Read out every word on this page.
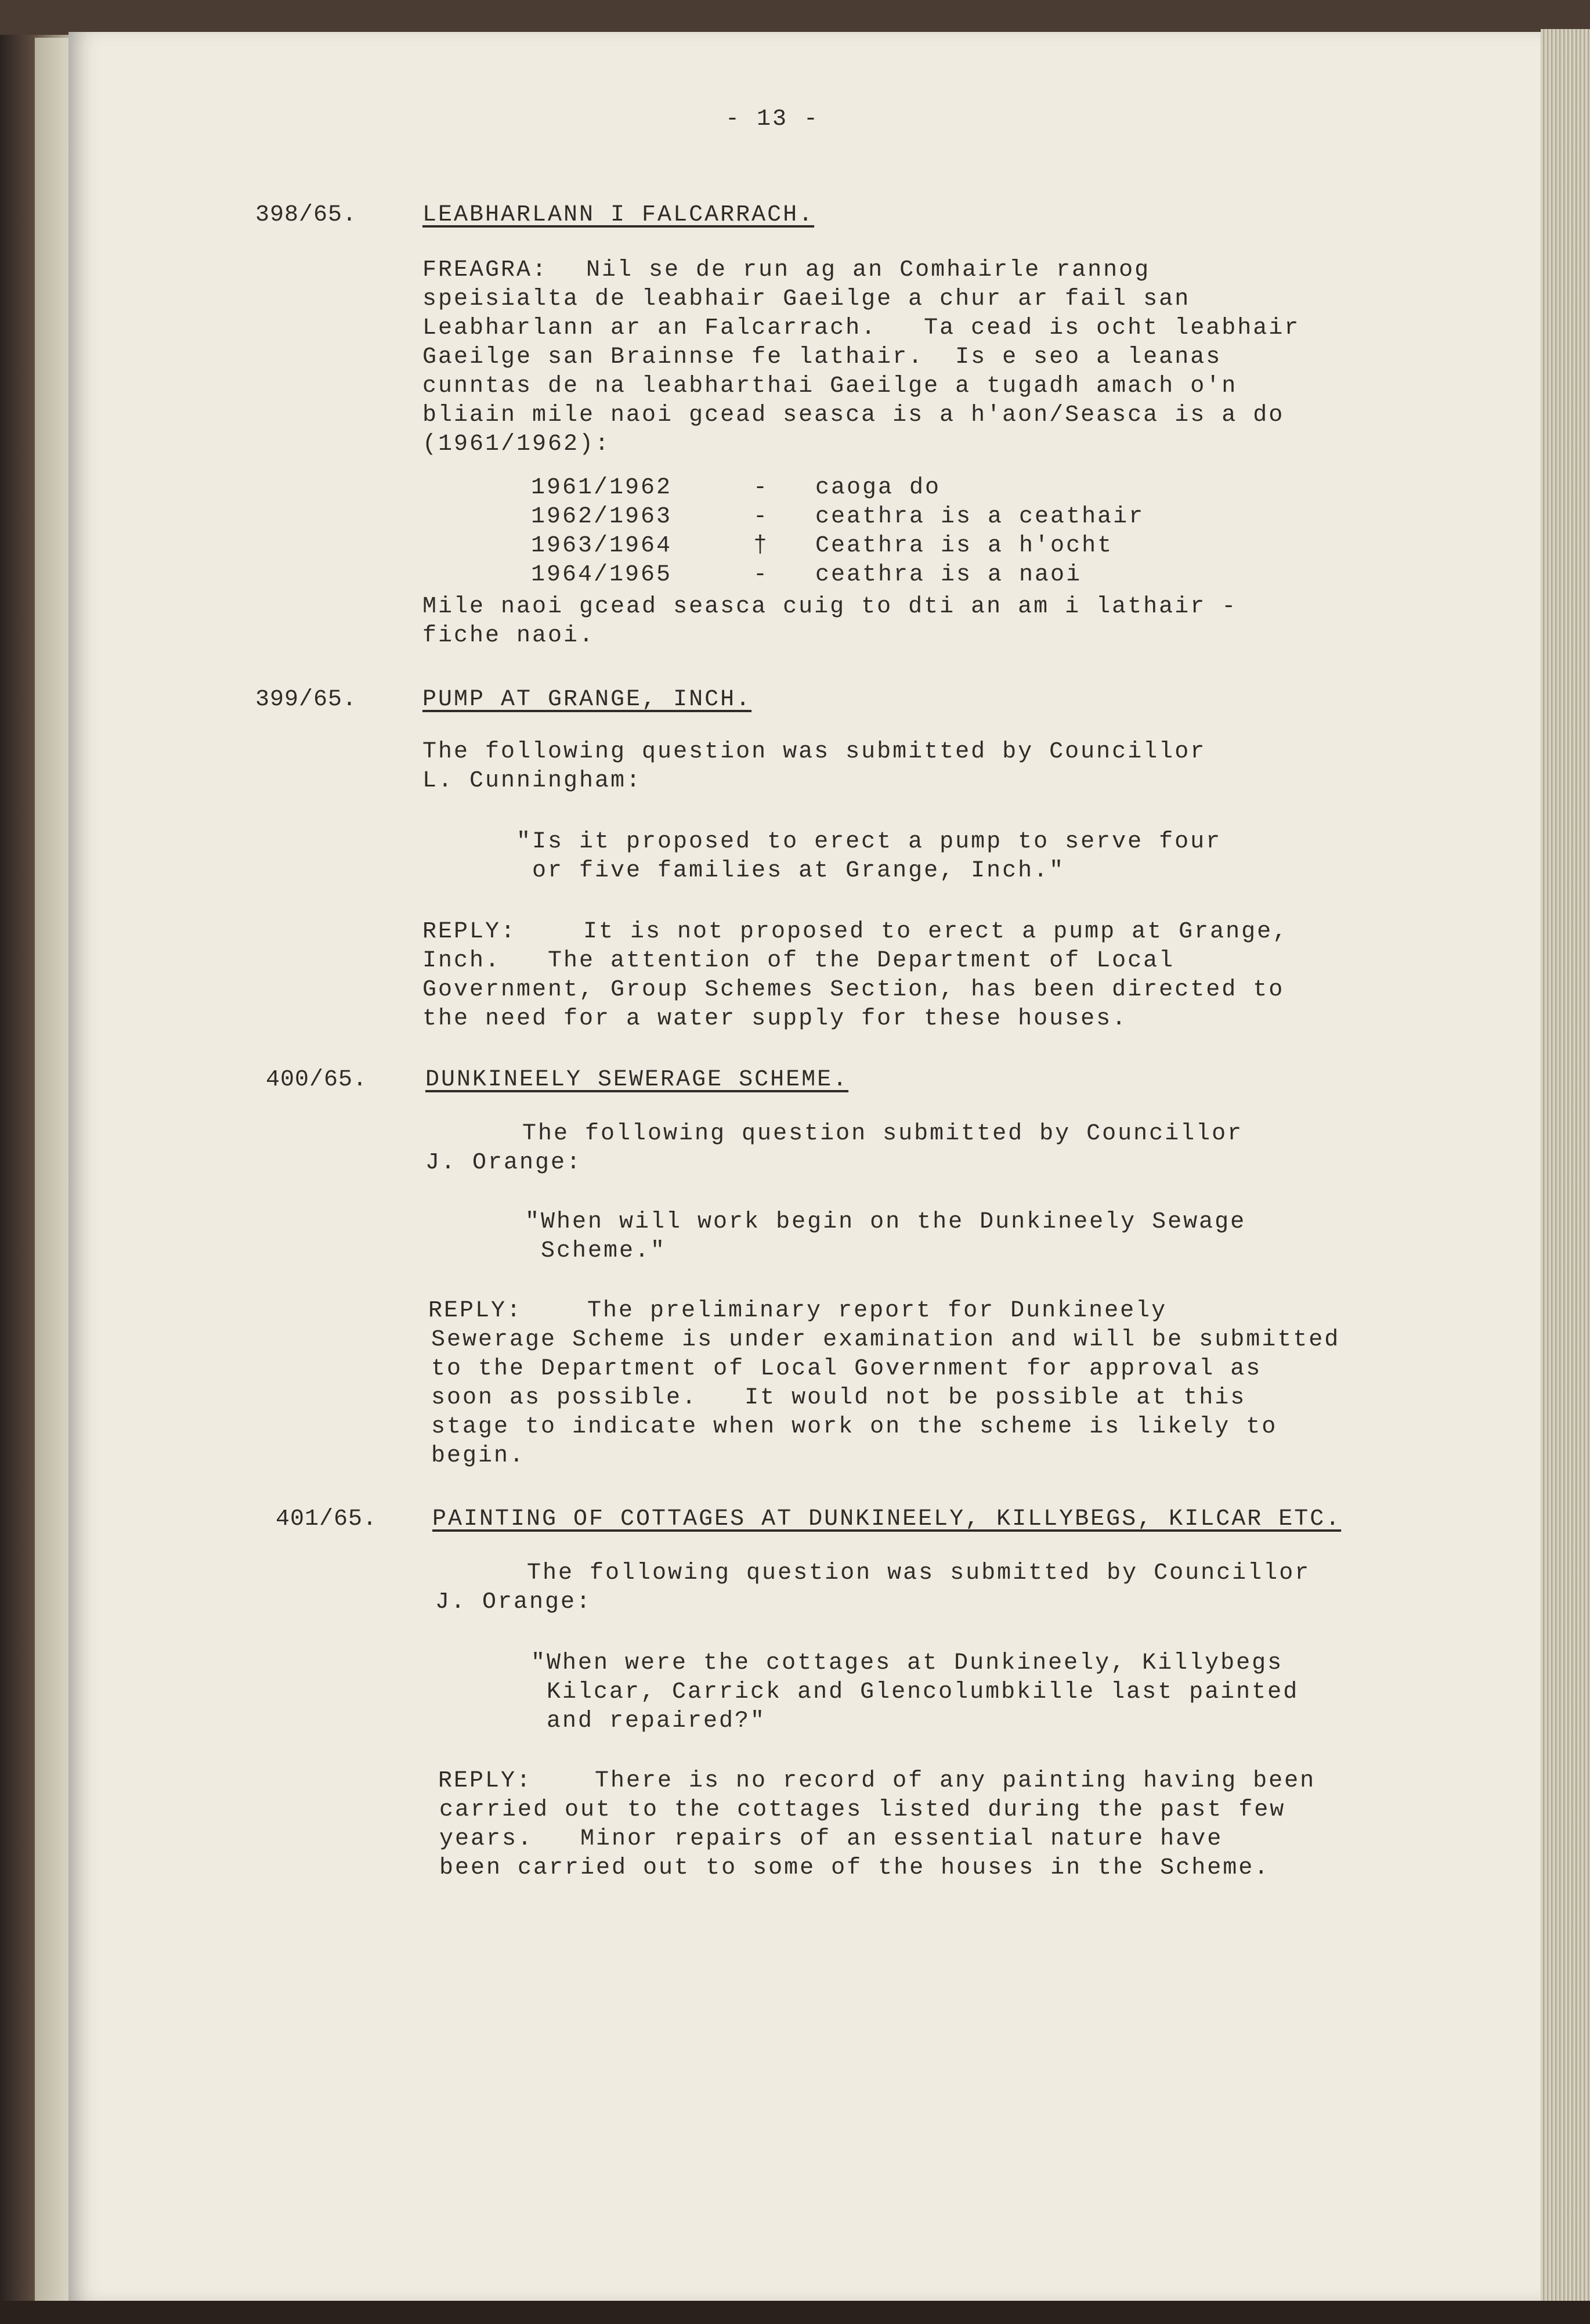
- 13 -
398/65.	LEABHARLANN I FALCARRACH.
FREAGRA: Nil se de run ag an Comhairle rannog
speisialta de leabhair Gaeilge a chur ar fail san
Leabharlann ar an Falcarrach.   Ta cead is ocht leabhair
Gaeilge san Brainnse fe lathair.  Is e seo a leanas
cunntas de na leabharthai Gaeilge a tugadh amach o'n
bliain mile naoi gcead seasca is a h'aon/Seasca is a do
(1961/1962):
1961/1962	- caoga do
1962/1963	- ceathra is a ceathair
1963/1964	† Ceathra is a h'ocht
1964/1965	- ceathra is a naoi
Mile naoi gcead seasca cuig to dti an am i lathair -
fiche naoi.
399/65.	PUMP AT GRANGE, INCH.
The following question was submitted by Councillor
L. Cunningham:
"Is it proposed to erect a pump to serve four
or five families at Grange, Inch."
REPLY:	It is not proposed to erect a pump at Grange,
Inch.   The attention of the Department of Local
Government, Group Schemes Section, has been directed to
the need for a water supply for these houses.
400/65. DUNKINEELY SEWERAGE SCHEME.
The following question submitted by Councillor
J. Orange:
"When will work begin on the Dunkineely Sewage
Scheme."
REPLY:	The preliminary report for Dunkineely
Sewerage Scheme is under examination and will be submitted
to the Department of Local Government for approval as
soon as possible.   It would not be possible at this
stage to indicate when work on the scheme is likely to
begin.
401/65. PAINTING OF COTTAGES AT DUNKINEELY, KILLYBEGS, KILCAR ETC.
The following question was submitted by Councillor
J. Orange:
"When were the cottages at Dunkineely, Killybegs
Kilcar, Carrick and Glencolumbkille last painted
and repaired?"
REPLY:	There is no record of any painting having been
carried out to the cottages listed during the past few
years.   Minor repairs of an essential nature have
been carried out to some of the houses in the Scheme.
